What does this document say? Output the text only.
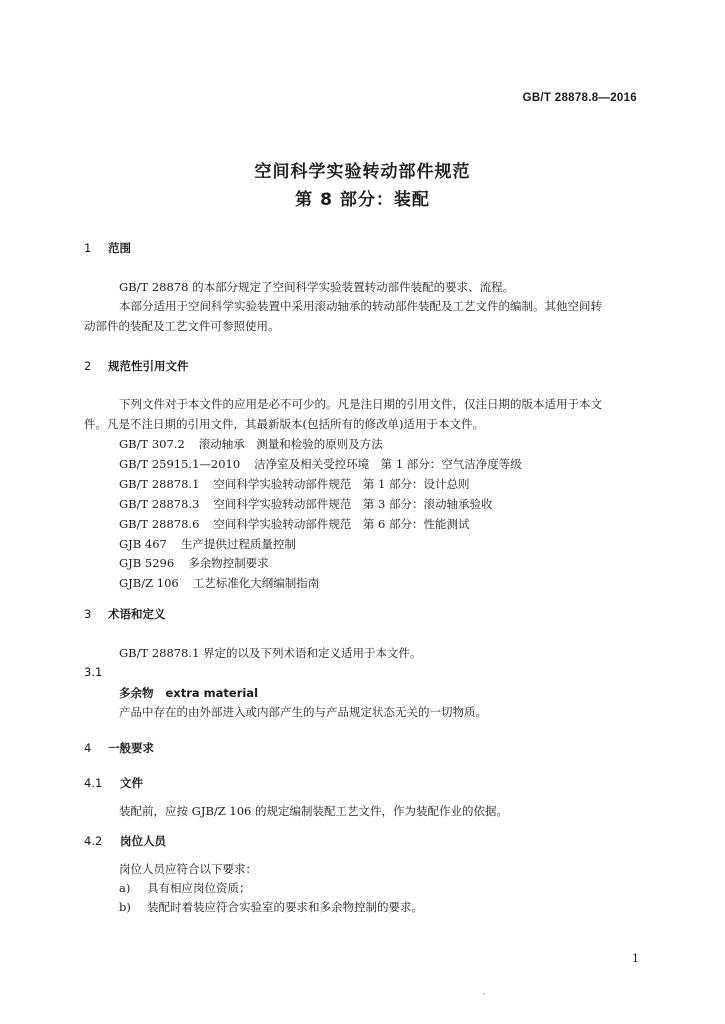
GB/T 28878.8—2016
空间科学实验转动部件规范
第 8 部分：装配
1 范围
GB/T 28878 的本部分规定了空间科学实验装置转动部件装配的要求、流程。
本部分适用于空间科学实验装置中采用滚动轴承的转动部件装配及工艺文件的编制。其他空间转
动部件的装配及工艺文件可参照使用。
2 规范性引用文件
下列文件对于本文件的应用是必不可少的。凡是注日期的引用文件，仅注日期的版本适用于本文
件。凡是不注日期的引用文件，其最新版本(包括所有的修改单)适用于本文件。
GB/T 307.2 滚动轴承　测量和检验的原则及方法
GB/T 25915.1—2010 洁净室及相关受控环境　第 1 部分：空气洁净度等级
GB/T 28878.1 空间科学实验转动部件规范　第 1 部分：设计总则
GB/T 28878.3 空间科学实验转动部件规范　第 3 部分：滚动轴承验收
GB/T 28878.6 空间科学实验转动部件规范　第 6 部分：性能测试
GJB 467 生产提供过程质量控制
GJB 5296 多余物控制要求
GJB/Z 106 工艺标准化大纲编制指南
3 术语和定义
GB/T 28878.1 界定的以及下列术语和定义适用于本文件。
3.1
多余物 extra material
产品中存在的由外部进入或内部产生的与产品规定状态无关的一切物质。
4 一般要求
4.1 文件
装配前，应按 GJB/Z 106 的规定编制装配工艺文件，作为装配作业的依据。
4.2 岗位人员
岗位人员应符合以下要求：
a) 具有相应岗位资质；
b) 装配时着装应符合实验室的要求和多余物控制的要求。
1
